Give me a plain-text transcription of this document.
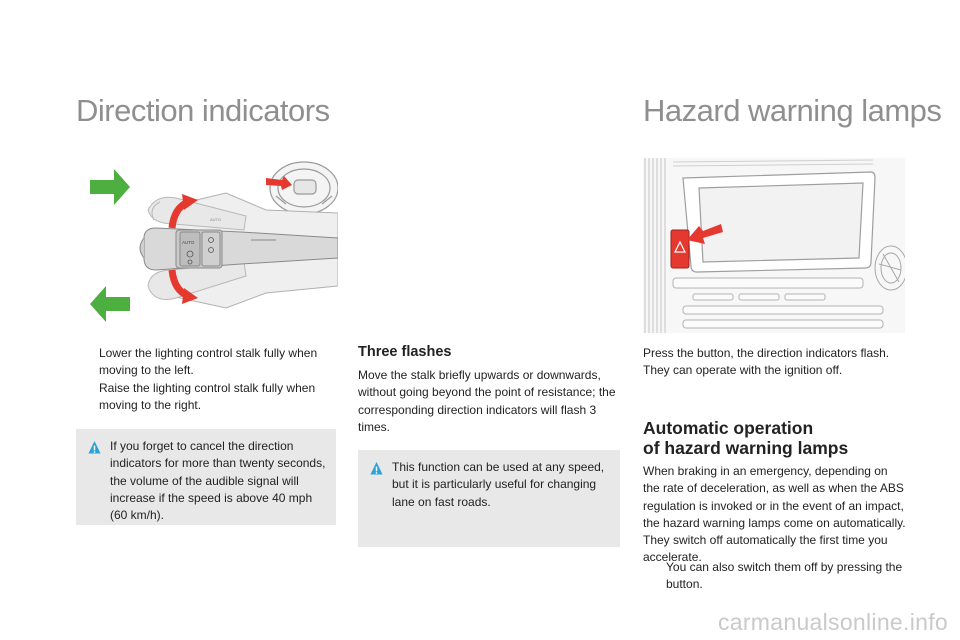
Direction indicators
AUTO
AUTO
Lower the lighting control stalk fully when moving to the left.
Raise the lighting control stalk fully when moving to the right.
If you forget to cancel the direction indicators for more than twenty seconds, the volume of the audible signal will increase if the speed is above 40 mph (60 km/h).
Three flashes
Move the stalk briefly upwards or downwards, without going beyond the point of resistance; the corresponding direction indicators will flash 3 times.
This function can be used at any speed, but it is particularly useful for changing lane on fast roads.
Hazard warning lamps
Press the button, the direction indicators flash. They can operate with the ignition off.
Automatic operation
of hazard warning lamps
When braking in an emergency, depending on the rate of deceleration, as well as when the ABS regulation is invoked or in the event of an impact, the hazard warning lamps come on automatically. They switch off automatically the first time you accelerate.
You can also switch them off by pressing the button.
carmanualsonline.info
